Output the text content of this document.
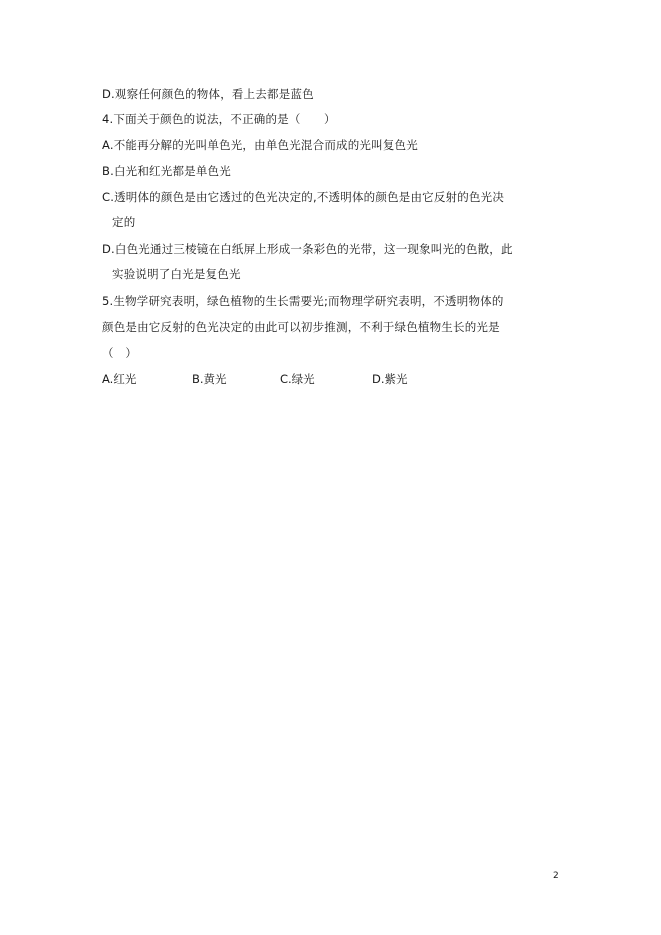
D.观察任何颜色的物体，看上去都是蓝色
4.下面关于颜色的说法，不正确的是（　　）
A.不能再分解的光叫单色光，由单色光混合而成的光叫复色光
B.白光和红光都是单色光
C.透明体的颜色是由它透过的色光决定的,不透明体的颜色是由它反射的色光决
定的
D.白色光通过三棱镜在白纸屏上形成一条彩色的光带，这一现象叫光的色散，此
实验说明了白光是复色光
5.生物学研究表明，绿色植物的生长需要光;而物理学研究表明，不透明物体的
颜色是由它反射的色光决定的由此可以初步推测，不利于绿色植物生长的光是
（　）
A.红光	B.黄光	C.绿光	D.紫光
2
